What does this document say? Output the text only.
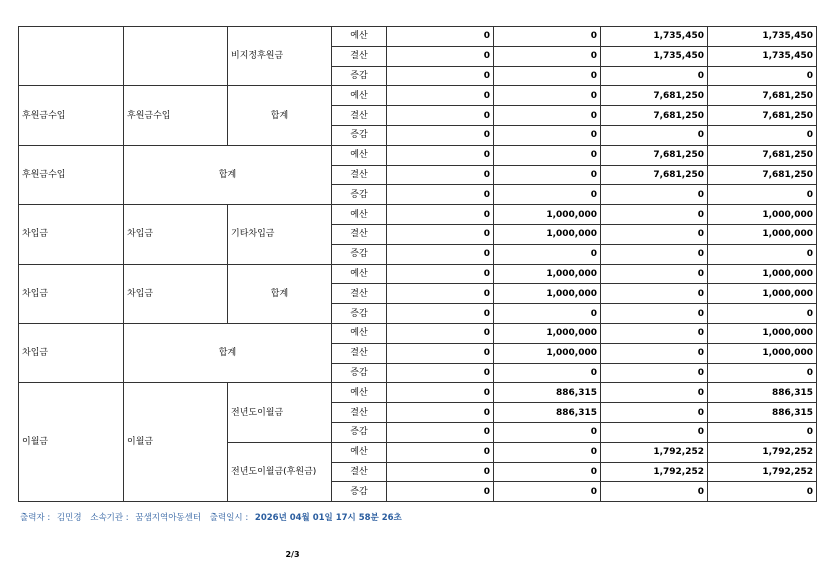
		비지정후원금	예산	0	0	1,735,450	1,735,450
			결산	0	0	1,735,450	1,735,450
			증감	0	0	0	0
후원금수입	후원금수입	합계	예산	0	0	7,681,250	7,681,250
			결산	0	0	7,681,250	7,681,250
			증감	0	0	0	0
후원금수입	합계		예산	0	0	7,681,250	7,681,250
			결산	0	0	7,681,250	7,681,250
			증감	0	0	0	0
차입금	차입금	기타차입금	예산	0	1,000,000	0	1,000,000
			결산	0	1,000,000	0	1,000,000
			증감	0	0	0	0
차입금	차입금	합계	예산	0	1,000,000	0	1,000,000
			결산	0	1,000,000	0	1,000,000
			증감	0	0	0	0
차입금	합계		예산	0	1,000,000	0	1,000,000
			결산	0	1,000,000	0	1,000,000
			증감	0	0	0	0
이월금	이월금	전년도이월금	예산	0	886,315	0	886,315
			결산	0	886,315	0	886,315
			증감	0	0	0	0
		전년도이월금(후원금)	예산	0	0	1,792,252	1,792,252
			결산	0	0	1,792,252	1,792,252
			증감	0	0	0	0
출력자 : 김민경 소속기관 : 꿈샘지역아동센터 출력일시 : 2026년 04월 01일 17시 58분 26초
2/3
